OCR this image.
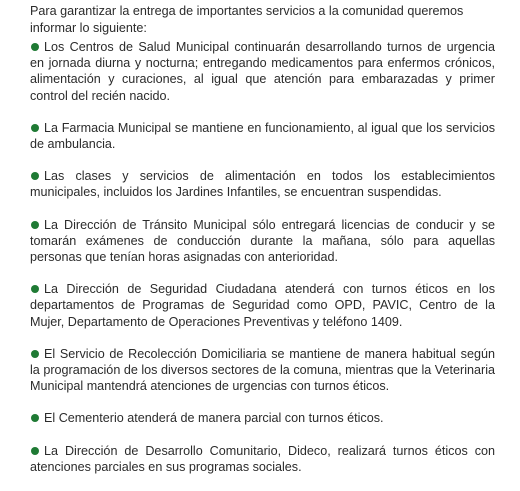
Para garantizar la entrega de importantes servicios a la comunidad queremos informar lo siguiente:

Los Centros de Salud Municipal continuarán desarrollando turnos de urgencia en jornada diurna y nocturna; entregando medicamentos para enfermos crónicos, alimentación y curaciones, al igual que atención para embarazadas y primer control del recién nacido.
La Farmacia Municipal se mantiene en funcionamiento, al igual que los servicios de ambulancia.
Las clases y servicios de alimentación en todos los establecimientos municipales, incluidos los Jardines Infantiles, se encuentran suspendidas.
La Dirección de Tránsito Municipal sólo entregará licencias de conducir y se tomarán exámenes de conducción durante la mañana, sólo para aquellas personas que tenían horas asignadas con anterioridad.
La Dirección de Seguridad Ciudadana atenderá con turnos éticos en los departamentos de Programas de Seguridad como OPD, PAVIC, Centro de la Mujer, Departamento de Operaciones Preventivas y teléfono 1409.
El Servicio de Recolección Domiciliaria se mantiene de manera habitual según la programación de los diversos sectores de la comuna, mientras que la Veterinaria Municipal mantendrá atenciones de urgencias con turnos éticos.
El Cementerio atenderá de manera parcial con turnos éticos.
La Dirección de Desarrollo Comunitario, Dideco, realizará turnos éticos con atenciones parciales en sus programas sociales.
